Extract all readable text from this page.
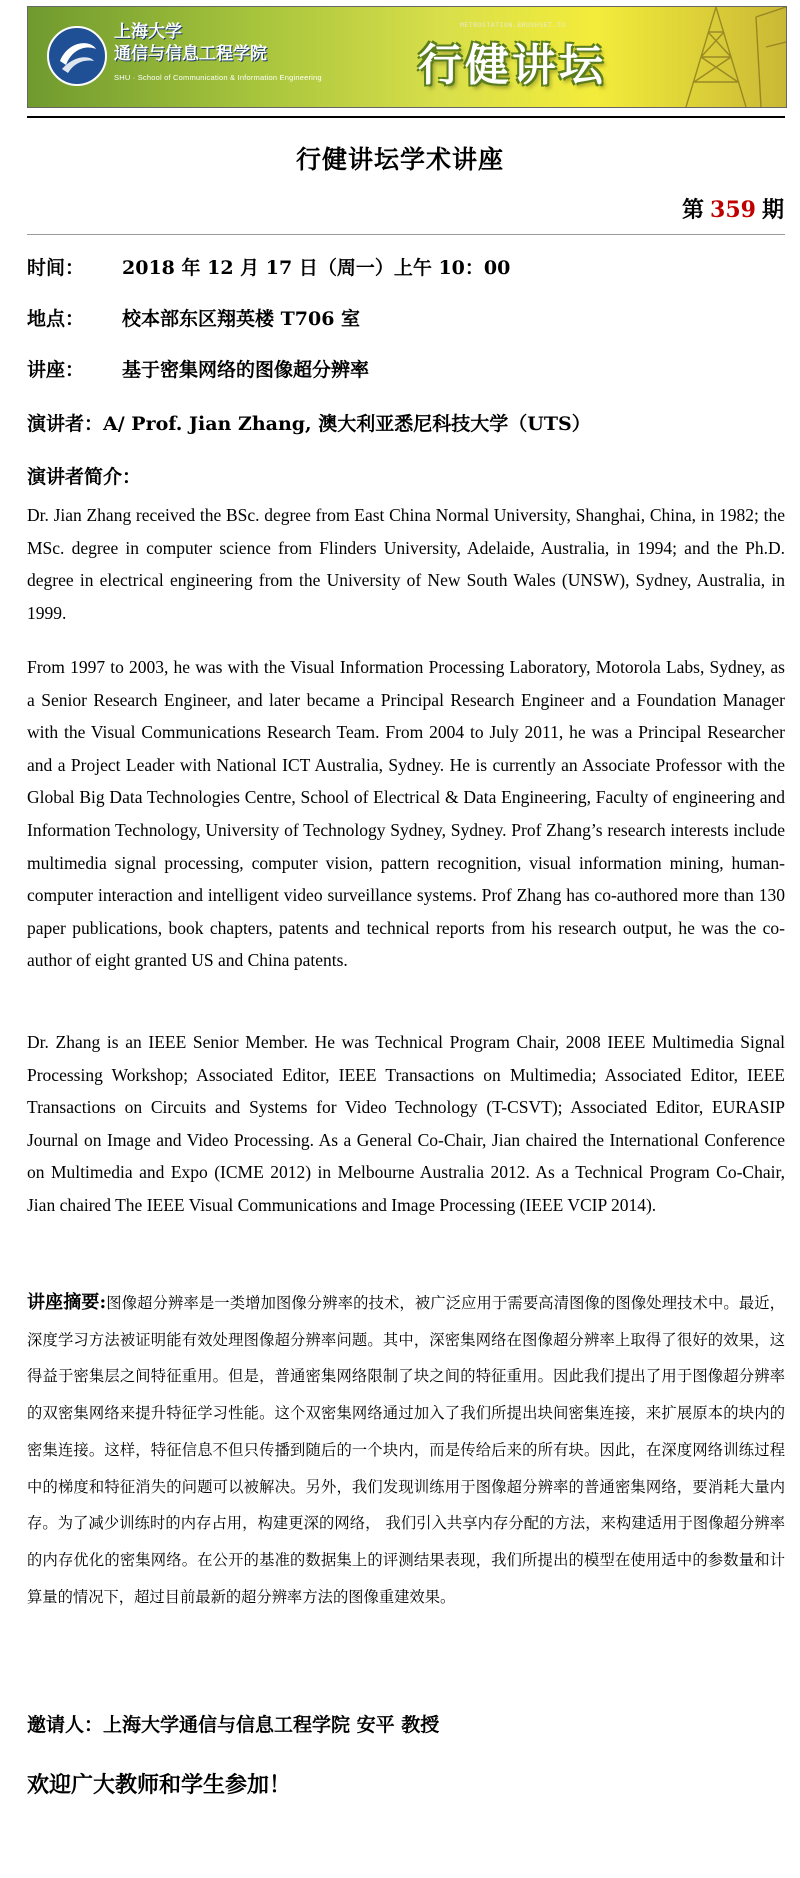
上海大学
通信与信息工程学院
SHU · School of Communication & Information Engineering
METROSTATION.BRUSHSET.TU
行健讲坛
行健讲坛学术讲座
第 359 期
时间： 2018 年 12 月 17 日（周一）上午 10：00
地点： 校本部东区翔英楼 T706 室
讲座： 基于密集网络的图像超分辨率
演讲者：A/ Prof. Jian Zhang, 澳大利亚悉尼科技大学（UTS）
演讲者简介：
Dr. Jian Zhang received the BSc. degree from East China Normal University, Shanghai, China, in 1982; the MSc. degree in computer science from Flinders University, Adelaide, Australia, in 1994; and the Ph.D. degree in electrical engineering from the University of New South Wales (UNSW), Sydney, Australia, in 1999.
From 1997 to 2003, he was with the Visual Information Processing Laboratory, Motorola Labs, Sydney, as a Senior Research Engineer, and later became a Principal Research Engineer and a Foundation Manager with the Visual Communications Research Team. From 2004 to July 2011, he was a Principal Researcher and a Project Leader with National ICT Australia, Sydney. He is currently an Associate Professor with the Global Big Data Technologies Centre, School of Electrical & Data Engineering, Faculty of engineering and Information Technology, University of Technology Sydney, Sydney. Prof Zhang’s research interests include multimedia signal processing, computer vision, pattern recognition, visual information mining, human-computer interaction and intelligent video surveillance systems. Prof Zhang has co-authored more than 130 paper publications, book chapters, patents and technical reports from his research output, he was the co-author of eight granted US and China patents.
Dr. Zhang is an IEEE Senior Member. He was Technical Program Chair, 2008 IEEE Multimedia Signal Processing Workshop; Associated Editor, IEEE Transactions on Multimedia; Associated Editor, IEEE Transactions on Circuits and Systems for Video Technology (T-CSVT); Associated Editor, EURASIP Journal on Image and Video Processing. As a General Co-Chair, Jian chaired the International Conference on Multimedia and Expo (ICME 2012) in Melbourne Australia 2012. As a Technical Program Co-Chair, Jian chaired The IEEE Visual Communications and Image Processing (IEEE VCIP 2014).
讲座摘要:图像超分辨率是一类增加图像分辨率的技术，被广泛应用于需要高清图像的图像处理技术中。最近，深度学习方法被证明能有效处理图像超分辨率问题。其中，深密集网络在图像超分辨率上取得了很好的效果，这得益于密集层之间特征重用。但是，普通密集网络限制了块之间的特征重用。因此我们提出了用于图像超分辨率的双密集网络来提升特征学习性能。这个双密集网络通过加入了我们所提出块间密集连接，来扩展原本的块内的密集连接。这样，特征信息不但只传播到随后的一个块内，而是传给后来的所有块。因此，在深度网络训练过程中的梯度和特征消失的问题可以被解决。另外，我们发现训练用于图像超分辨率的普通密集网络，要消耗大量内存。为了减少训练时的内存占用，构建更深的网络， 我们引入共享内存分配的方法，来构建适用于图像超分辨率的内存优化的密集网络。在公开的基准的数据集上的评测结果表现，我们所提出的模型在使用适中的参数量和计算量的情况下，超过目前最新的超分辨率方法的图像重建效果。
邀请人：上海大学通信与信息工程学院 安平 教授
欢迎广大教师和学生参加！
